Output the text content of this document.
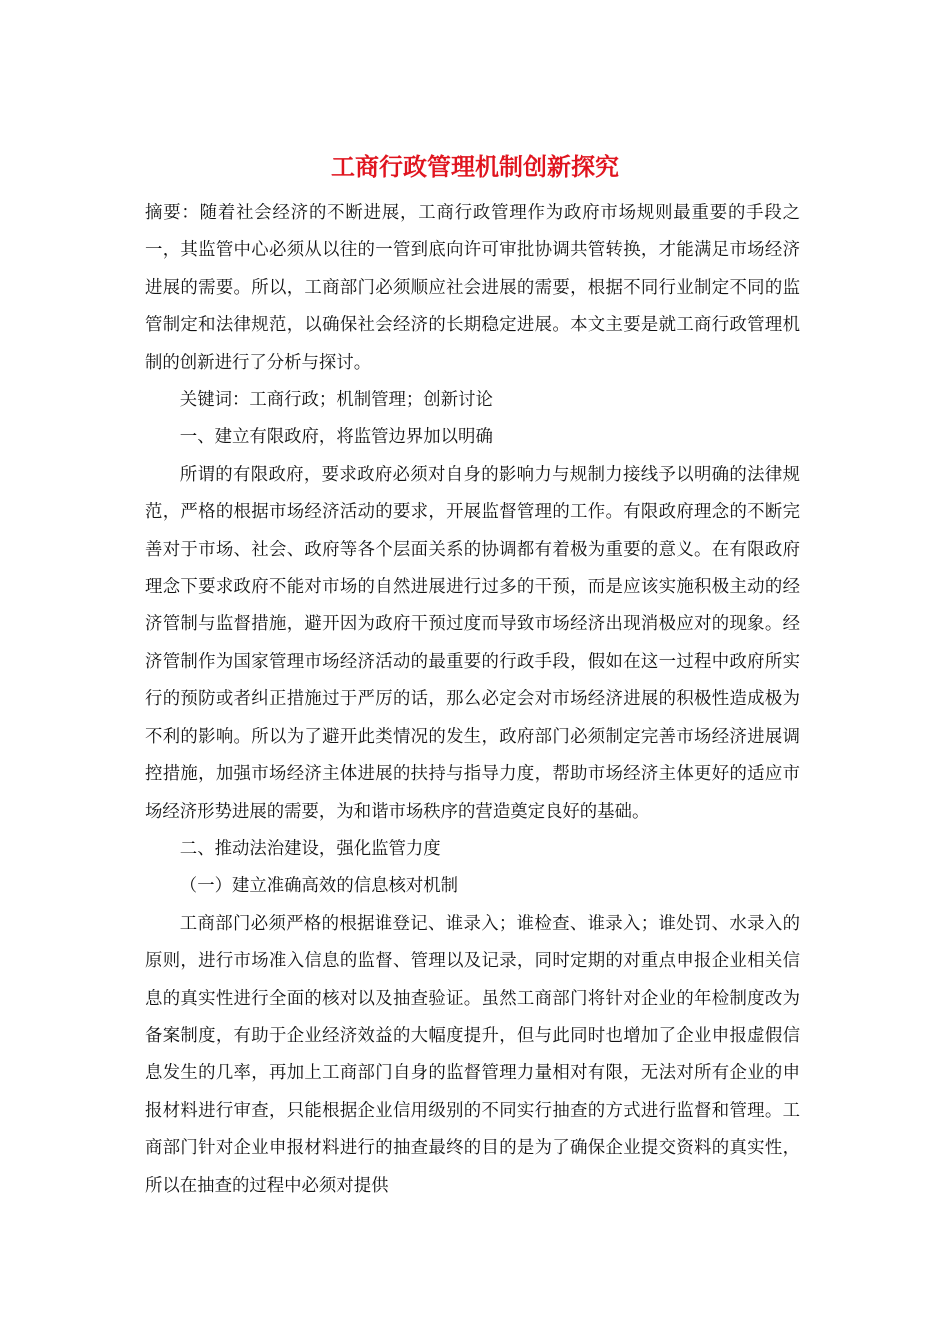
工商行政管理机制创新探究

摘要：随着社会经济的不断进展，工商行政管理作为政府市场规则最重要的手段之一，其监管中心必须从以往的一管到底向许可审批协调共管转换，才能满足市场经济进展的需要。所以，工商部门必须顺应社会进展的需要，根据不同行业制定不同的监管制定和法律规范，以确保社会经济的长期稳定进展。本文主要是就工商行政管理机制的创新进行了分析与探讨。

关键词：工商行政；机制管理；创新讨论

一、建立有限政府，将监管边界加以明确

所谓的有限政府，要求政府必须对自身的影响力与规制力接线予以明确的法律规范，严格的根据市场经济活动的要求，开展监督管理的工作。有限政府理念的不断完善对于市场、社会、政府等各个层面关系的协调都有着极为重要的意义。在有限政府理念下要求政府不能对市场的自然进展进行过多的干预，而是应该实施积极主动的经济管制与监督措施，避开因为政府干预过度而导致市场经济出现消极应对的现象。经济管制作为国家管理市场经济活动的最重要的行政手段，假如在这一过程中政府所实行的预防或者纠正措施过于严厉的话，那么必定会对市场经济进展的积极性造成极为不利的影响。所以为了避开此类情况的发生，政府部门必须制定完善市场经济进展调控措施，加强市场经济主体进展的扶持与指导力度，帮助市场经济主体更好的适应市场经济形势进展的需要，为和谐市场秩序的营造奠定良好的基础。

二、推动法治建设，强化监管力度

（一）建立准确高效的信息核对机制

工商部门必须严格的根据谁登记、谁录入；谁检查、谁录入；谁处罚、水录入的原则，进行市场准入信息的监督、管理以及记录，同时定期的对重点申报企业相关信息的真实性进行全面的核对以及抽查验证。虽然工商部门将针对企业的年检制度改为备案制度，有助于企业经济效益的大幅度提升，但与此同时也增加了企业申报虚假信息发生的几率，再加上工商部门自身的监督管理力量相对有限，无法对所有企业的申报材料进行审查，只能根据企业信用级别的不同实行抽查的方式进行监督和管理。工商部门针对企业申报材料进行的抽查最终的目的是为了确保企业提交资料的真实性，所以在抽查的过程中必须对提供
